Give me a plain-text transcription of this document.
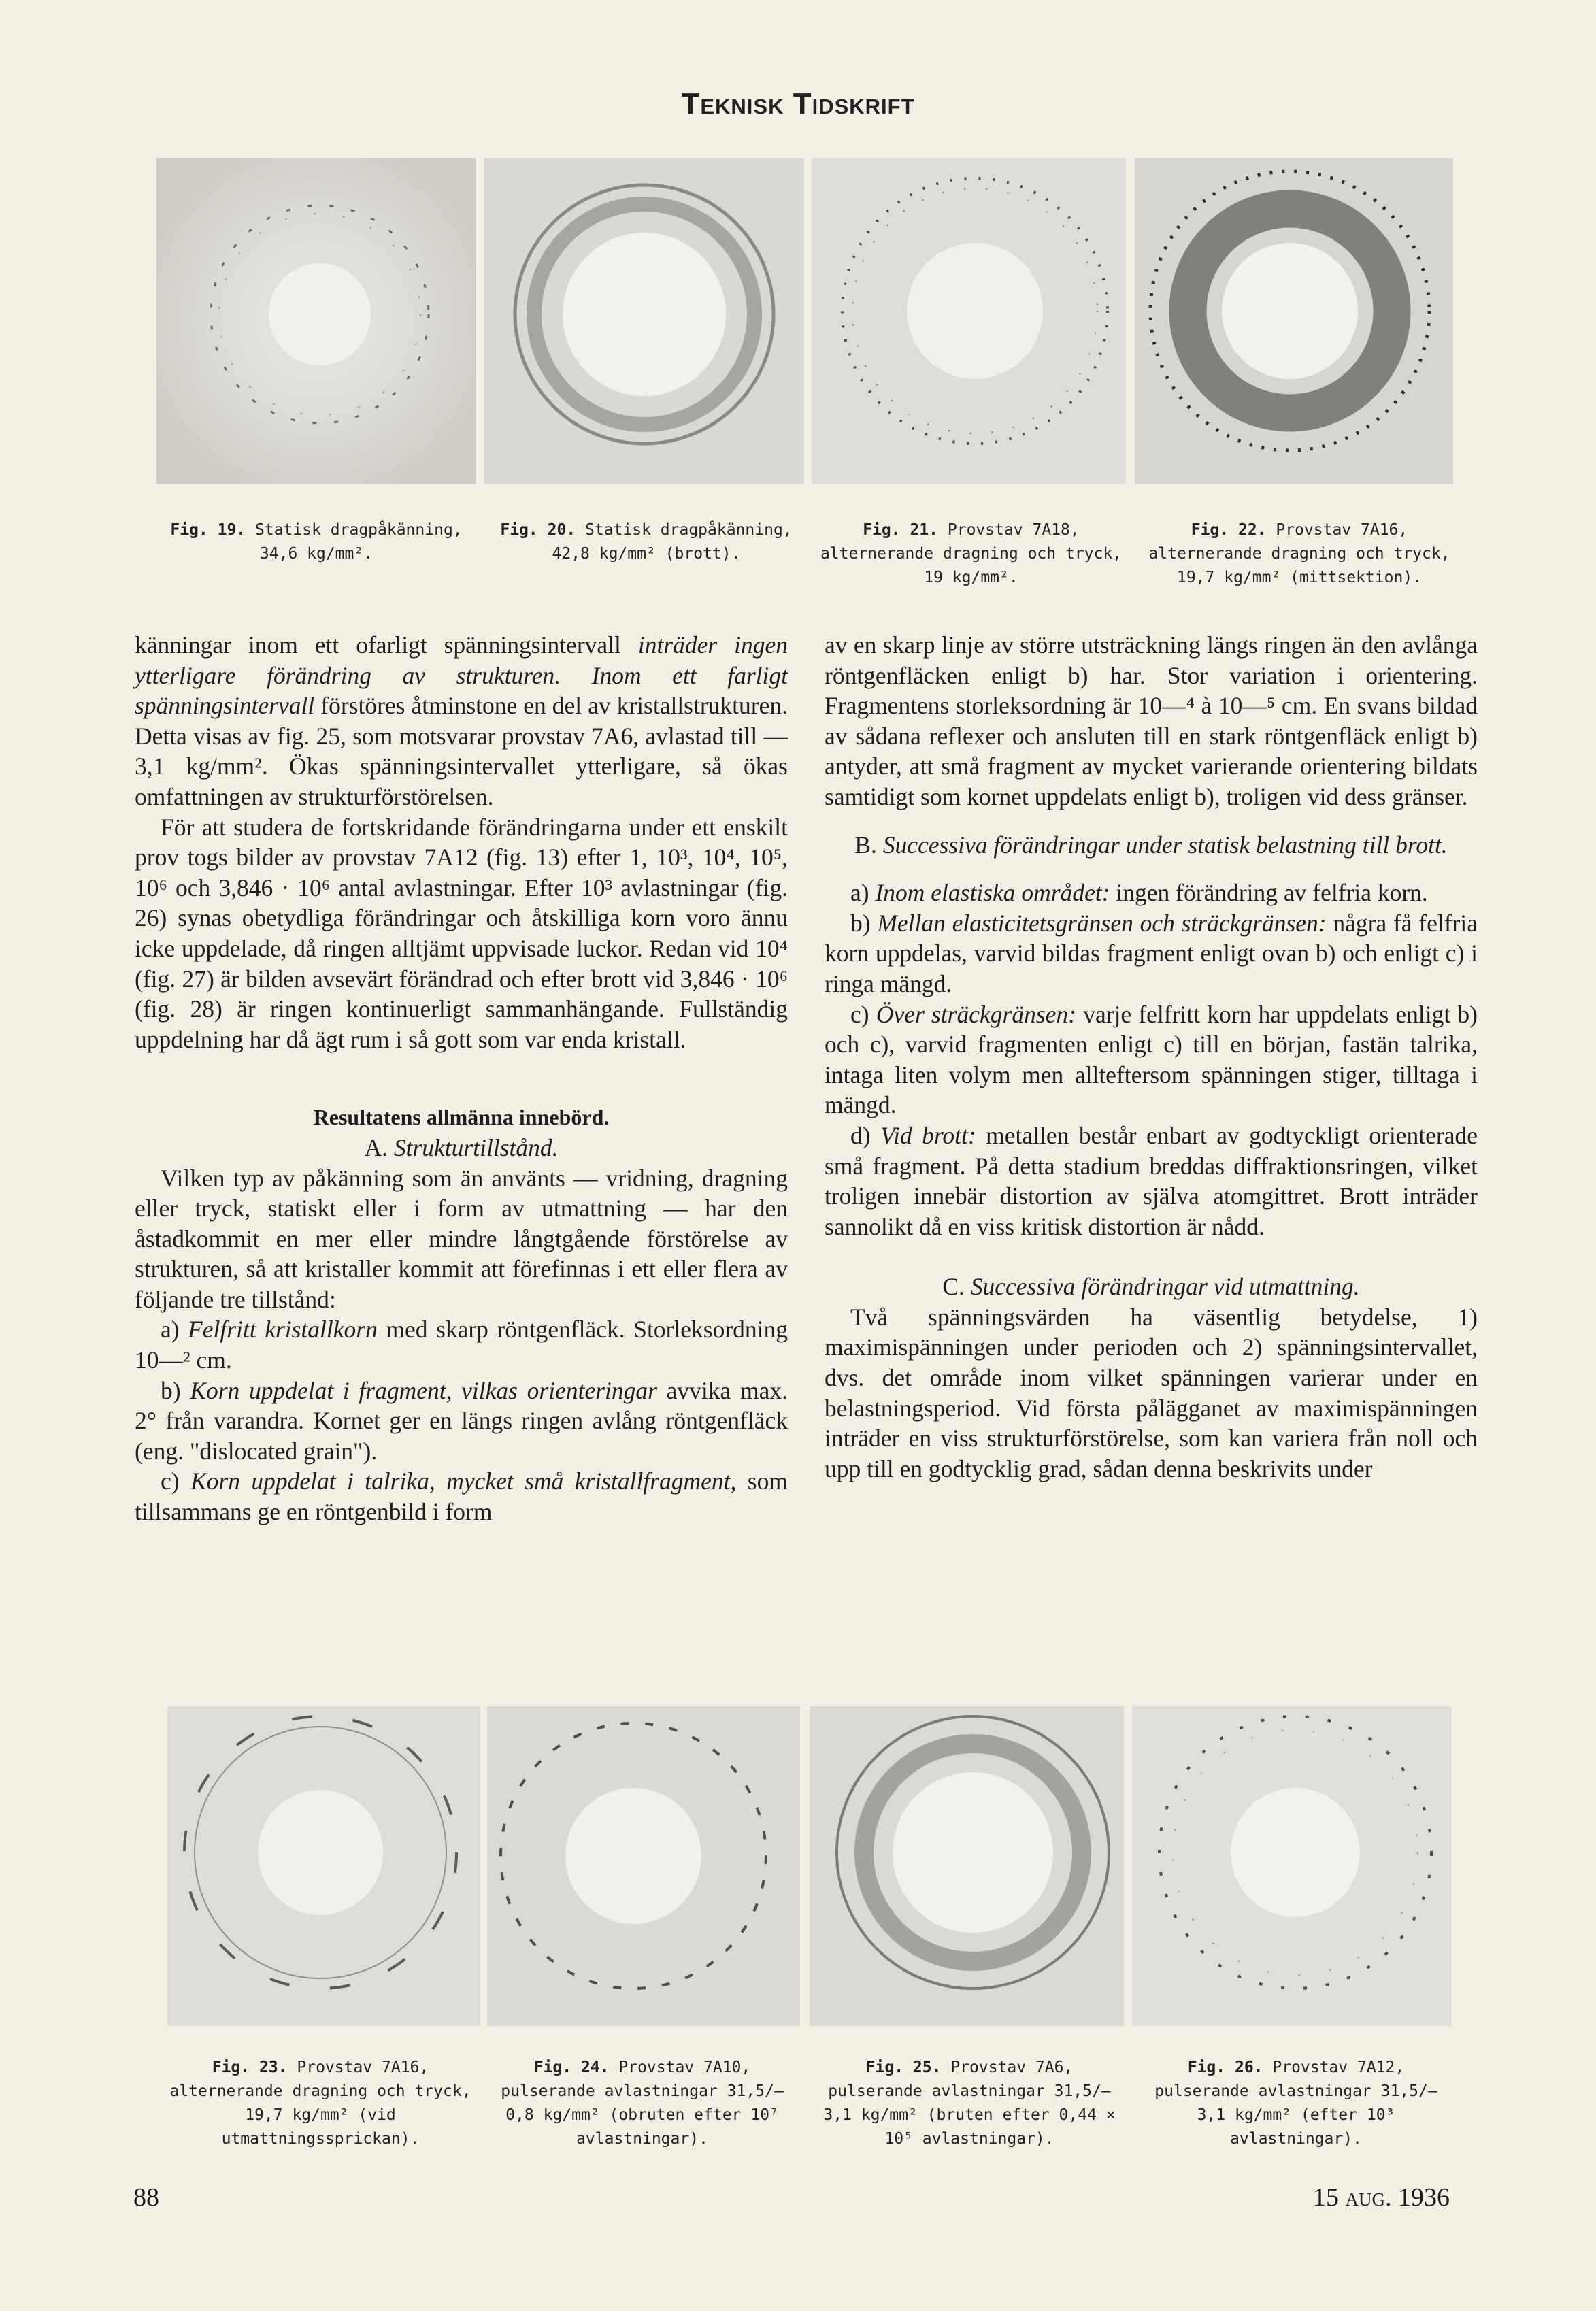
Teknisk Tidskrift
Fig. 19. Statisk dragpåkänning, 34,6 kg/mm².
Fig. 20. Statisk dragpåkänning, 42,8 kg/mm² (brott).
Fig. 21. Provstav 7A18, alternerande dragning och tryck, 19 kg/mm².
Fig. 22. Provstav 7A16, alternerande dragning och tryck, 19,7 kg/mm² (mittsektion).

känningar inom ett ofarligt spänningsintervall inträder ingen ytterligare förändring av strukturen. Inom ett farligt spänningsintervall förstöres åtminstone en del av kristallstrukturen. Detta visas av fig. 25, som motsvarar provstav 7A6, avlastad till —3,1 kg/mm². Ökas spänningsintervallet ytterligare, så ökas omfattningen av strukturförstörelsen.

För att studera de fortskridande förändringarna under ett enskilt prov togs bilder av provstav 7A12 (fig. 13) efter 1, 10³, 10⁴, 10⁵, 10⁶ och 3,846 · 10⁶ antal avlastningar. Efter 10³ avlastningar (fig. 26) synas obetydliga förändringar och åtskilliga korn voro ännu icke uppdelade, då ringen alltjämt uppvisade luckor. Redan vid 10⁴ (fig. 27) är bilden avsevärt förändrad och efter brott vid 3,846 · 10⁶ (fig. 28) är ringen kontinuerligt sammanhängande. Fullständig uppdelning har då ägt rum i så gott som var enda kristall.

Resultatens allmänna innebörd.

A. Strukturtillstånd.

Vilken typ av påkänning som än använts — vridning, dragning eller tryck, statiskt eller i form av utmattning — har den åstadkommit en mer eller mindre långtgående förstörelse av strukturen, så att kristaller kommit att förefinnas i ett eller flera av följande tre tillstånd:

a) Felfritt kristallkorn med skarp röntgenfläck. Storleksordning 10—² cm.

b) Korn uppdelat i fragment, vilkas orienteringar avvika max. 2° från varandra. Kornet ger en längs ringen avlång röntgenfläck (eng. "dislocated grain").

c) Korn uppdelat i talrika, mycket små kristallfragment, som tillsammans ge en röntgenbild i form

av en skarp linje av större utsträckning längs ringen än den avlånga röntgenfläcken enligt b) har. Stor variation i orientering. Fragmentens storleksordning är 10—⁴ à 10—⁵ cm. En svans bildad av sådana reflexer och ansluten till en stark röntgenfläck enligt b) antyder, att små fragment av mycket varierande orientering bildats samtidigt som kornet uppdelats enligt b), troligen vid dess gränser.

B. Successiva förändringar under statisk belastning till brott.

a) Inom elastiska området: ingen förändring av felfria korn.

b) Mellan elasticitetsgränsen och sträckgränsen: några få felfria korn uppdelas, varvid bildas fragment enligt ovan b) och enligt c) i ringa mängd.

c) Över sträckgränsen: varje felfritt korn har uppdelats enligt b) och c), varvid fragmenten enligt c) till en början, fastän talrika, intaga liten volym men allteftersom spänningen stiger, tilltaga i mängd.

d) Vid brott: metallen består enbart av godtyckligt orienterade små fragment. På detta stadium breddas diffraktionsringen, vilket troligen innebär distortion av själva atomgittret. Brott inträder sannolikt då en viss kritisk distortion är nådd.

C. Successiva förändringar vid utmattning.

Två spänningsvärden ha väsentlig betydelse, 1) maximispänningen under perioden och 2) spänningsintervallet, dvs. det område inom vilket spänningen varierar under en belastningsperiod. Vid första pålägganet av maximispänningen inträder en viss strukturförstörelse, som kan variera från noll och upp till en godtycklig grad, sådan denna beskrivits under

Fig. 23. Provstav 7A16, alternerande dragning och tryck, 19,7 kg/mm² (vid utmattningssprickan).
Fig. 24. Provstav 7A10, pulserande avlastningar 31,5/—0,8 kg/mm² (obruten efter 10⁷ avlastningar).
Fig. 25. Provstav 7A6, pulserande avlastningar 31,5/—3,1 kg/mm² (bruten efter 0,44 × 10⁵ avlastningar).
Fig. 26. Provstav 7A12, pulserande avlastningar 31,5/—3,1 kg/mm² (efter 10³ avlastningar).
88	15 aug. 1936
